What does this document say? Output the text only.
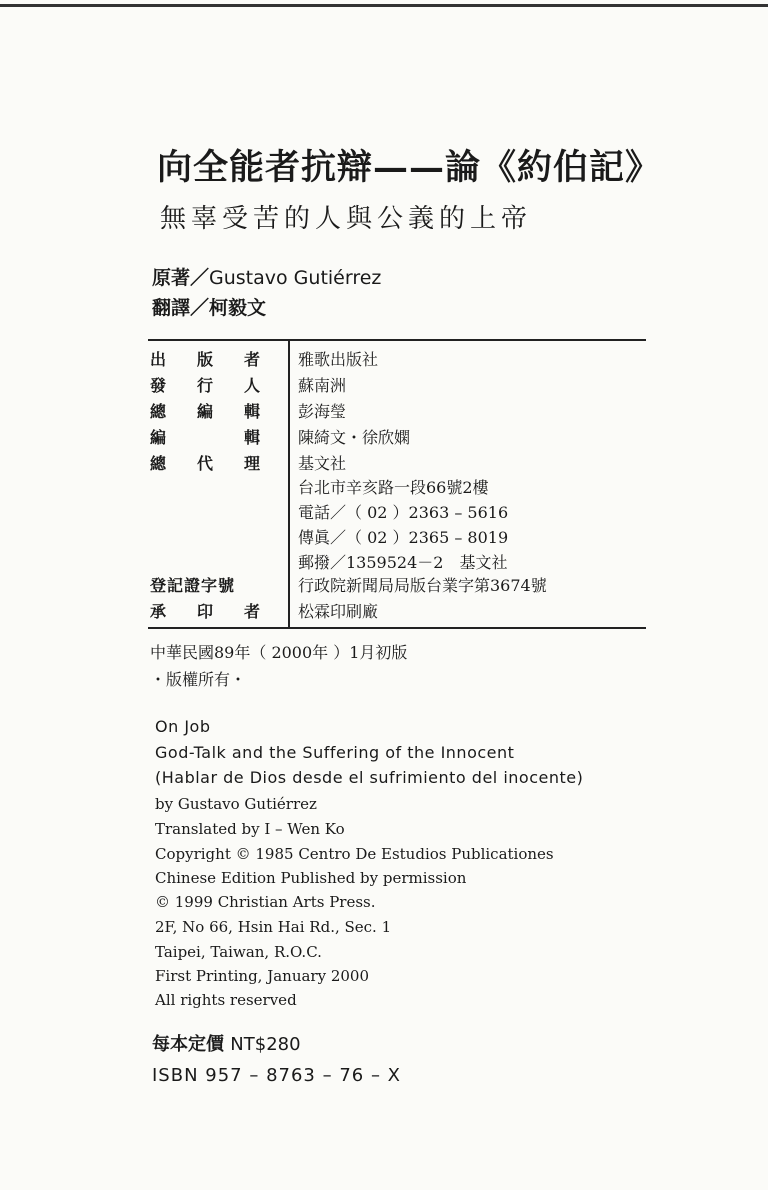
向全能者抗辯——論《約伯記》
無辜受苦的人與公義的上帝
原著／Gustavo Gutiérrez
翻譯／柯毅文
出 版 者
發 行 人
總 編 輯
編	輯
總 代 理
登記證字號
承 印 者
雅歌出版社
蘇南洲
彭海瑩
陳綺文・徐欣嫻
基文社
台北市辛亥路一段66號2樓
電話／（ 02 ）2363 – 5616
傳眞／（ 02 ）2365 – 8019
郵撥／1359524－2　基文社
行政院新聞局局版台業字第3674號
松霖印刷廠
中華民國89年（ 2000年 ）1月初版
・版權所有・
On Job
God-Talk and the Suffering of the Innocent
(Hablar de Dios desde el sufrimiento del inocente)
by Gustavo Gutiérrez
Translated by I – Wen Ko
Copyright © 1985 Centro De Estudios Publicationes
Chinese Edition Published by permission
© 1999 Christian Arts Press.
2F, No 66, Hsin Hai Rd., Sec. 1
Taipei, Taiwan, R.O.C.
First Printing, January 2000
All rights reserved
每本定價 NT$280
ISBN 957 – 8763 – 76 – X
